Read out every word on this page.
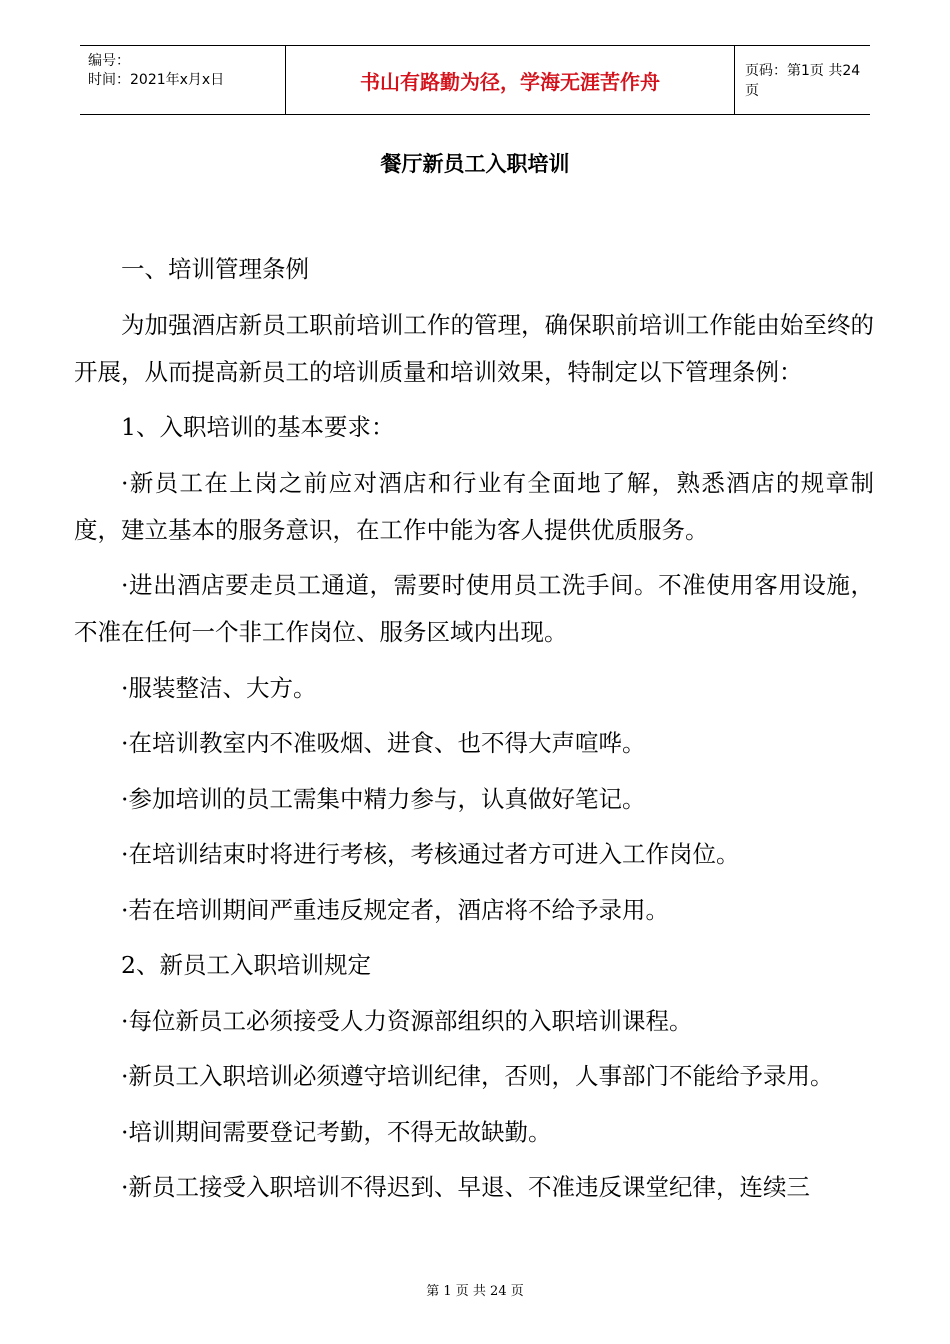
编号：
时间：2021年x月x日	书山有路勤为径，学海无涯苦作舟	页码：第1页 共24页
餐厅新员工入职培训

一、培训管理条例

为加强酒店新员工职前培训工作的管理，确保职前培训工作能由始至终的开展，从而提高新员工的培训质量和培训效果，特制定以下管理条例：

1、入职培训的基本要求：

·新员工在上岗之前应对酒店和行业有全面地了解，熟悉酒店的规章制度，建立基本的服务意识，在工作中能为客人提供优质服务。

·进出酒店要走员工通道，需要时使用员工洗手间。不准使用客用设施，不准在任何一个非工作岗位、服务区域内出现。

·服装整洁、大方。

·在培训教室内不准吸烟、进食、也不得大声喧哗。

·参加培训的员工需集中精力参与，认真做好笔记。

·在培训结束时将进行考核，考核通过者方可进入工作岗位。

·若在培训期间严重违反规定者，酒店将不给予录用。

2、新员工入职培训规定

·每位新员工必须接受人力资源部组织的入职培训课程。

·新员工入职培训必须遵守培训纪律，否则，人事部门不能给予录用。

·培训期间需要登记考勤，不得无故缺勤。

·新员工接受入职培训不得迟到、早退、不准违反课堂纪律，连续三

第 1 页 共 24 页
